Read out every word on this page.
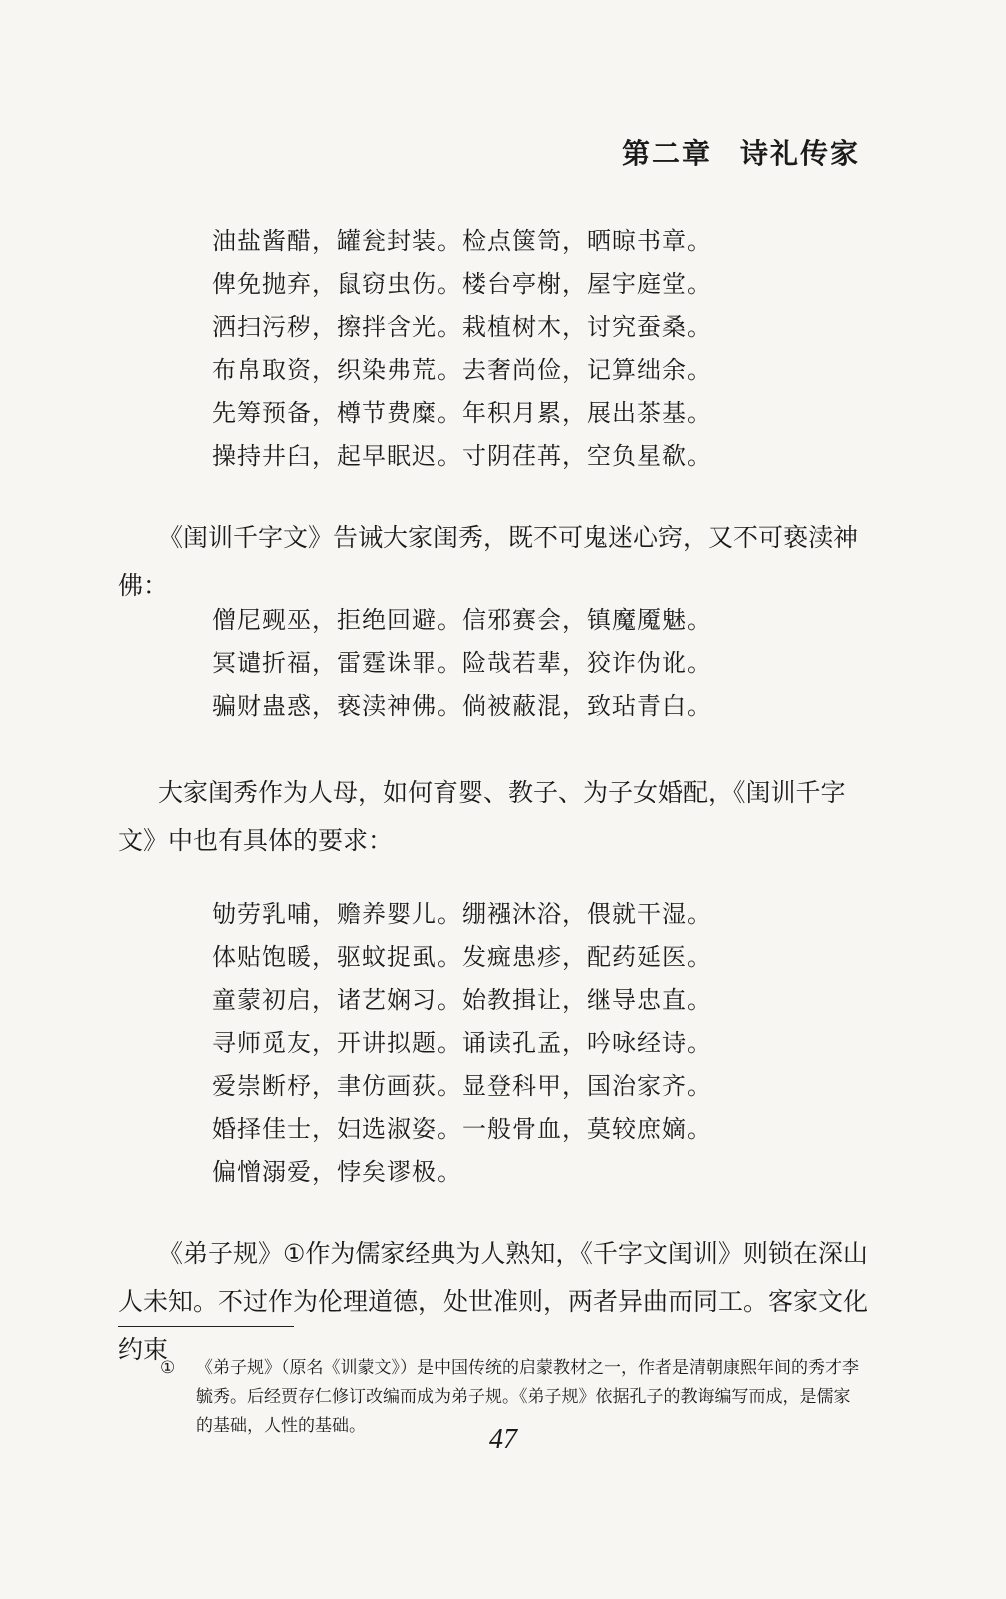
第二章 诗礼传家
油盐酱醋，罐瓮封装。检点箧笥，晒晾书章。
俾免抛弃，鼠窃虫伤。楼台亭榭，屋宇庭堂。
洒扫污秽，擦拌含光。栽植树木，讨究蚕桑。
布帛取资，织染弗荒。去奢尚俭，记算绌余。
先筹预备，樽节费糜。年积月累，展出茶基。
操持井臼，起早眠迟。寸阴荏苒，空负星欷。
《闺训千字文》告诫大家闺秀，既不可鬼迷心窍，又不可亵渎神佛：
僧尼觋巫，拒绝回避。信邪赛会，镇魔魇魅。
冥谴折福，雷霆诛罪。险哉若辈，狡诈伪讹。
骗财蛊惑，亵渎神佛。倘被蔽混，致玷青白。
大家闺秀作为人母，如何育婴、教子、为子女婚配，《闺训千字文》中也有具体的要求：
劬劳乳哺，赡养婴儿。绷襁沐浴，偎就干湿。
体贴饱暖，驱蚊捉虱。发癍患疹，配药延医。
童蒙初启，诸艺娴习。始教揖让，继导忠直。
寻师觅友，开讲拟题。诵读孔孟，吟咏经诗。
爱崇断杼，聿仿画荻。显登科甲，国治家齐。
婚择佳士，妇选淑姿。一般骨血，莫较庶嫡。
偏憎溺爱，悖矣谬极。
《弟子规》①作为儒家经典为人熟知，《千字文闺训》则锁在深山人未知。不过作为伦理道德，处世准则，两者异曲而同工。客家文化约束
① 《弟子规》（原名《训蒙文》）是中国传统的启蒙教材之一，作者是清朝康熙年间的秀才李毓秀。后经贾存仁修订改编而成为弟子规。《弟子规》依据孔子的教诲编写而成，是儒家的基础，人性的基础。	47
